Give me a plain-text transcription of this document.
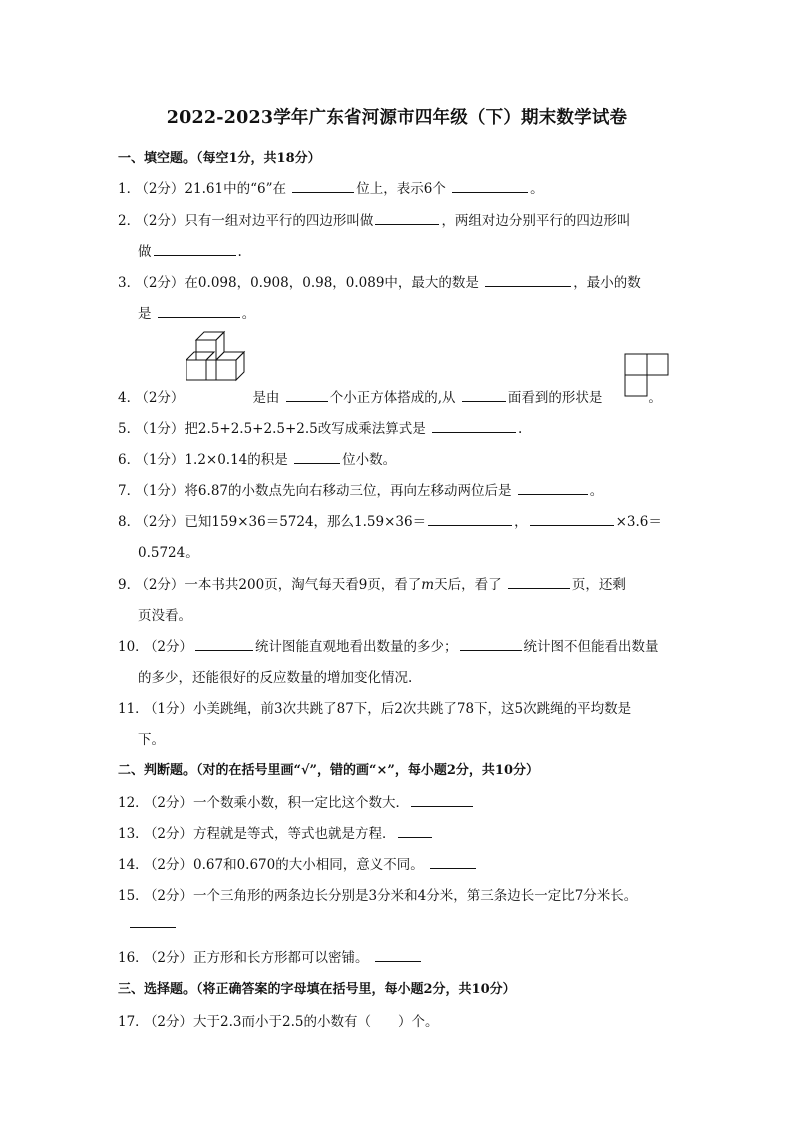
2022-2023学年广东省河源市四年级（下）期末数学试卷
一、填空题。（每空1分，共18分）
1． （2分）21.61中的“6”在	位上，表示6个	。
2． （2分）只有一组对边平行的四边形叫做	，两组对边分别平行的四边形叫
做	.
3． （2分）在0.098，0.908，0.98，0.089中，最大的数是	，最小的数
是	。
4． （2分）	是由	个小正方体搭成的,从	面看到的形状是	。
5． （1分）把2.5+2.5+2.5+2.5改写成乘法算式是	.
6． （1分）1.2×0.14的积是	位小数。
7． （1分）将6.87的小数点先向右移动三位，再向左移动两位后是	。
8． （2分）已知159×36＝5724，那么1.59×36＝	，	×3.6＝
0.5724。
9． （2分）一本书共200页，淘气每天看9页，看了m天后，看了	页，还剩
页没看。
10． （2分）	统计图能直观地看出数量的多少；	统计图不但能看出数量
的多少，还能很好的反应数量的增加变化情况.
11． （1分）小美跳绳，前3次共跳了87下，后2次共跳了78下，这5次跳绳的平均数是
下。
二、判断题。（对的在括号里画“√”，错的画“×”，每小题2分，共10分）
12． （2分）一个数乘小数，积一定比这个数大．
13． （2分）方程就是等式，等式也就是方程．
14． （2分）0.67和0.670的大小相同，意义不同。
15． （2分）一个三角形的两条边长分别是3分米和4分米，第三条边长一定比7分米长。
16． （2分）正方形和长方形都可以密铺。
三、选择题。（将正确答案的字母填在括号里，每小题2分，共10分）
17． （2分）大于2.3而小于2.5的小数有（　　）个。
